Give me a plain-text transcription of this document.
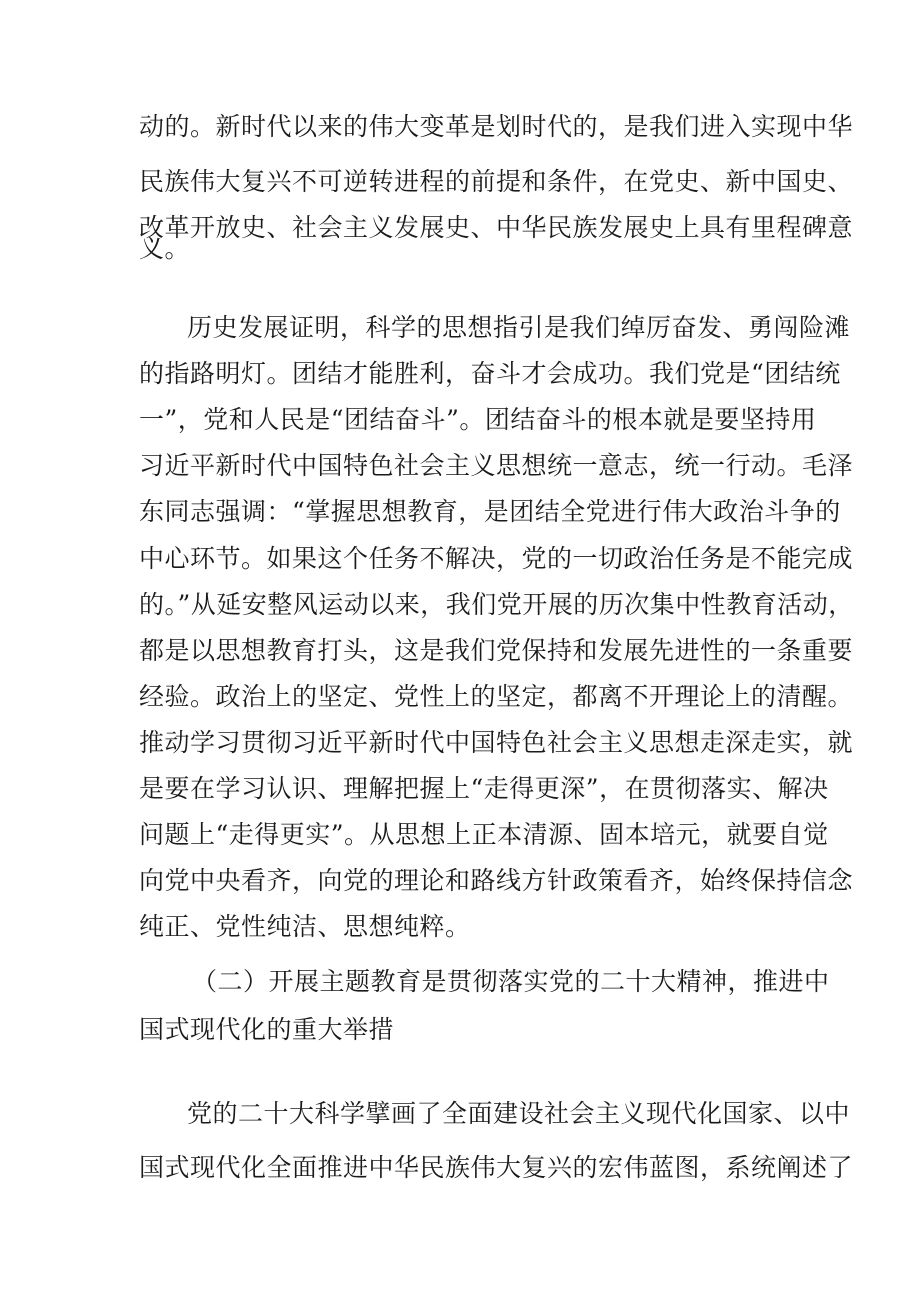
动的。新时代以来的伟大变革是划时代的，是我们进入实现中华
民族伟大复兴不可逆转进程的前提和条件，在党史、新中国史、
改革开放史、社会主义发展史、中华民族发展史上具有里程碑意
义。
历史发展证明，科学的思想指引是我们绰厉奋发、勇闯险滩
的指路明灯。团结才能胜利，奋斗才会成功。我们党是“团结统
一”，党和人民是“团结奋斗”。团结奋斗的根本就是要坚持用
习近平新时代中国特色社会主义思想统一意志，统一行动。毛泽
东同志强调：“掌握思想教育，是团结全党进行伟大政治斗争的
中心环节。如果这个任务不解决，党的一切政治任务是不能完成
的。”从延安整风运动以来，我们党开展的历次集中性教育活动，
都是以思想教育打头，这是我们党保持和发展先进性的一条重要
经验。政治上的坚定、党性上的坚定，都离不开理论上的清醒。
推动学习贯彻习近平新时代中国特色社会主义思想走深走实，就
是要在学习认识、理解把握上“走得更深”，在贯彻落实、解决
问题上“走得更实”。从思想上正本清源、固本培元，就要自觉
向党中央看齐，向党的理论和路线方针政策看齐，始终保持信念
纯正、党性纯洁、思想纯粹。
（二）开展主题教育是贯彻落实党的二十大精神，推进中
国式现代化的重大举措
党的二十大科学擘画了全面建设社会主义现代化国家、以中
国式现代化全面推进中华民族伟大复兴的宏伟蓝图，系统阐述了
